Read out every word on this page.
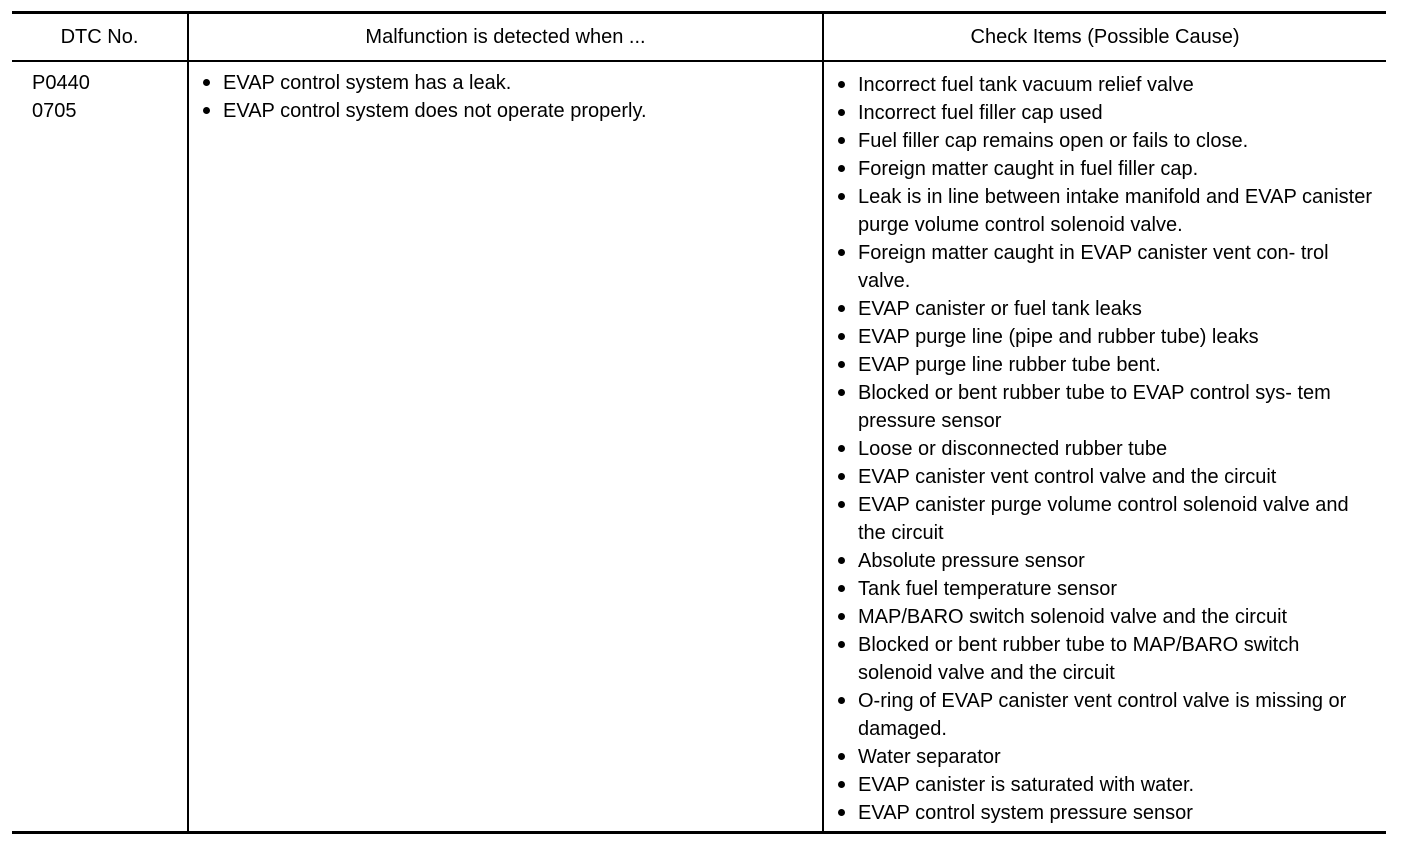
DTC No.	Malfunction is detected when ...	Check Items (Possible Cause)
P0440
0705
EVAP control system has a leak.
EVAP control system does not operate properly.
Incorrect fuel tank vacuum relief valve
Incorrect fuel filler cap used
Fuel filler cap remains open or fails to close.
Foreign matter caught in fuel filler cap.
Leak is in line between intake manifold and EVAP canister purge volume control solenoid valve.
Foreign matter caught in EVAP canister vent con- trol valve.
EVAP canister or fuel tank leaks
EVAP purge line (pipe and rubber tube) leaks
EVAP purge line rubber tube bent.
Blocked or bent rubber tube to EVAP control sys- tem pressure sensor
Loose or disconnected rubber tube
EVAP canister vent control valve and the circuit
EVAP canister purge volume control solenoid valve and the circuit
Absolute pressure sensor
Tank fuel temperature sensor
MAP/BARO switch solenoid valve and the circuit
Blocked or bent rubber tube to MAP/BARO switch solenoid valve and the circuit
O-ring of EVAP canister vent control valve is missing or damaged.
Water separator
EVAP canister is saturated with water.
EVAP control system pressure sensor
